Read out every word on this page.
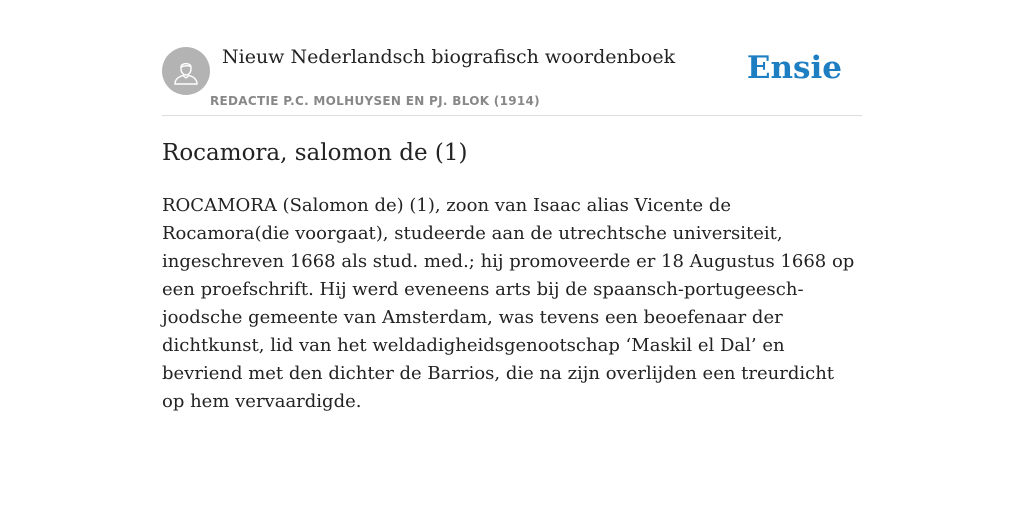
Nieuw Nederlandsch biografisch woordenboek
REDACTIE P.C. MOLHUYSEN EN PJ. BLOK (1914)
Ensie
Rocamora, salomon de (1)

ROCAMORA (Salomon de) (1), zoon van Isaac alias Vicente de Rocamora(die voorgaat), studeerde aan de utrechtsche universiteit, ingeschreven 1668 als stud. med.; hij promoveerde er 18 Augustus 1668 op een proefschrift. Hij werd eveneens arts bij de spaansch-portugeesch-joodsche gemeente van Amsterdam, was tevens een beoefenaar der dichtkunst, lid van het weldadigheidsgenootschap ‘Maskil el Dal’ en bevriend met den dichter de Barrios, die na zijn overlijden een treurdicht op hem vervaardigde.
